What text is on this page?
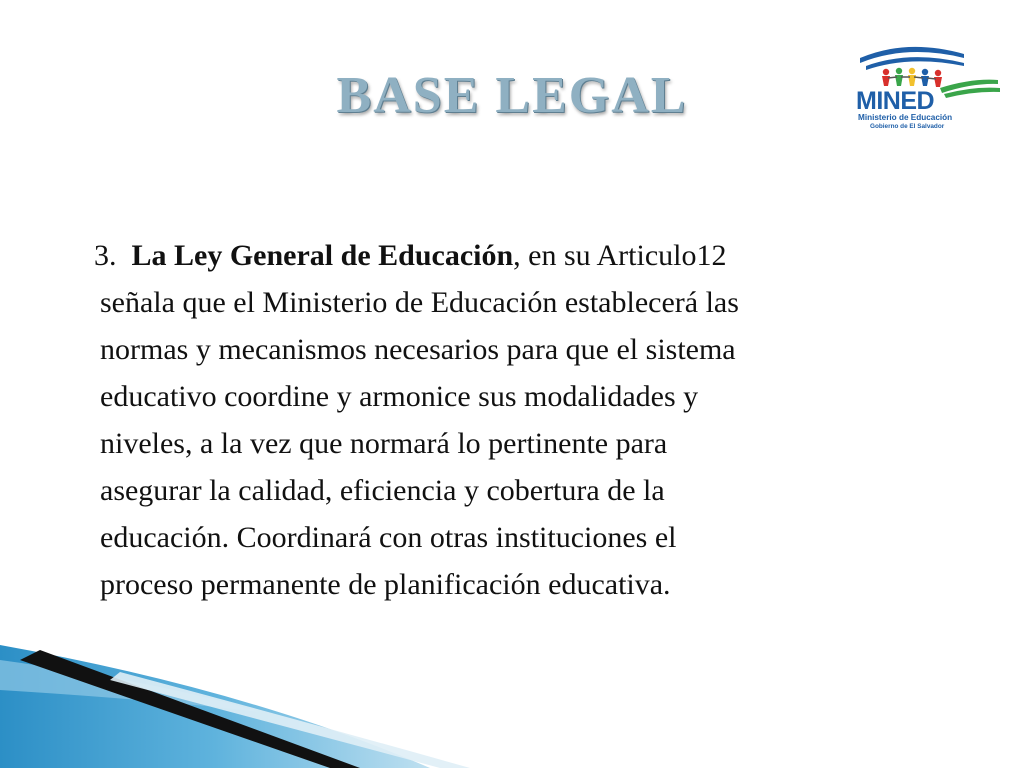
BASE LEGAL	MINED
Ministerio de Educación
Gobierno de El Salvador
3. La Ley General de Educación, en su Articulo12
señala que el Ministerio de Educación establecerá las
normas y mecanismos necesarios para que el sistema
educativo coordine y armonice sus modalidades y
niveles, a la vez que normará lo pertinente para
asegurar la calidad, eficiencia y cobertura de la
educación. Coordinará con otras instituciones el
proceso permanente de planificación educativa.
